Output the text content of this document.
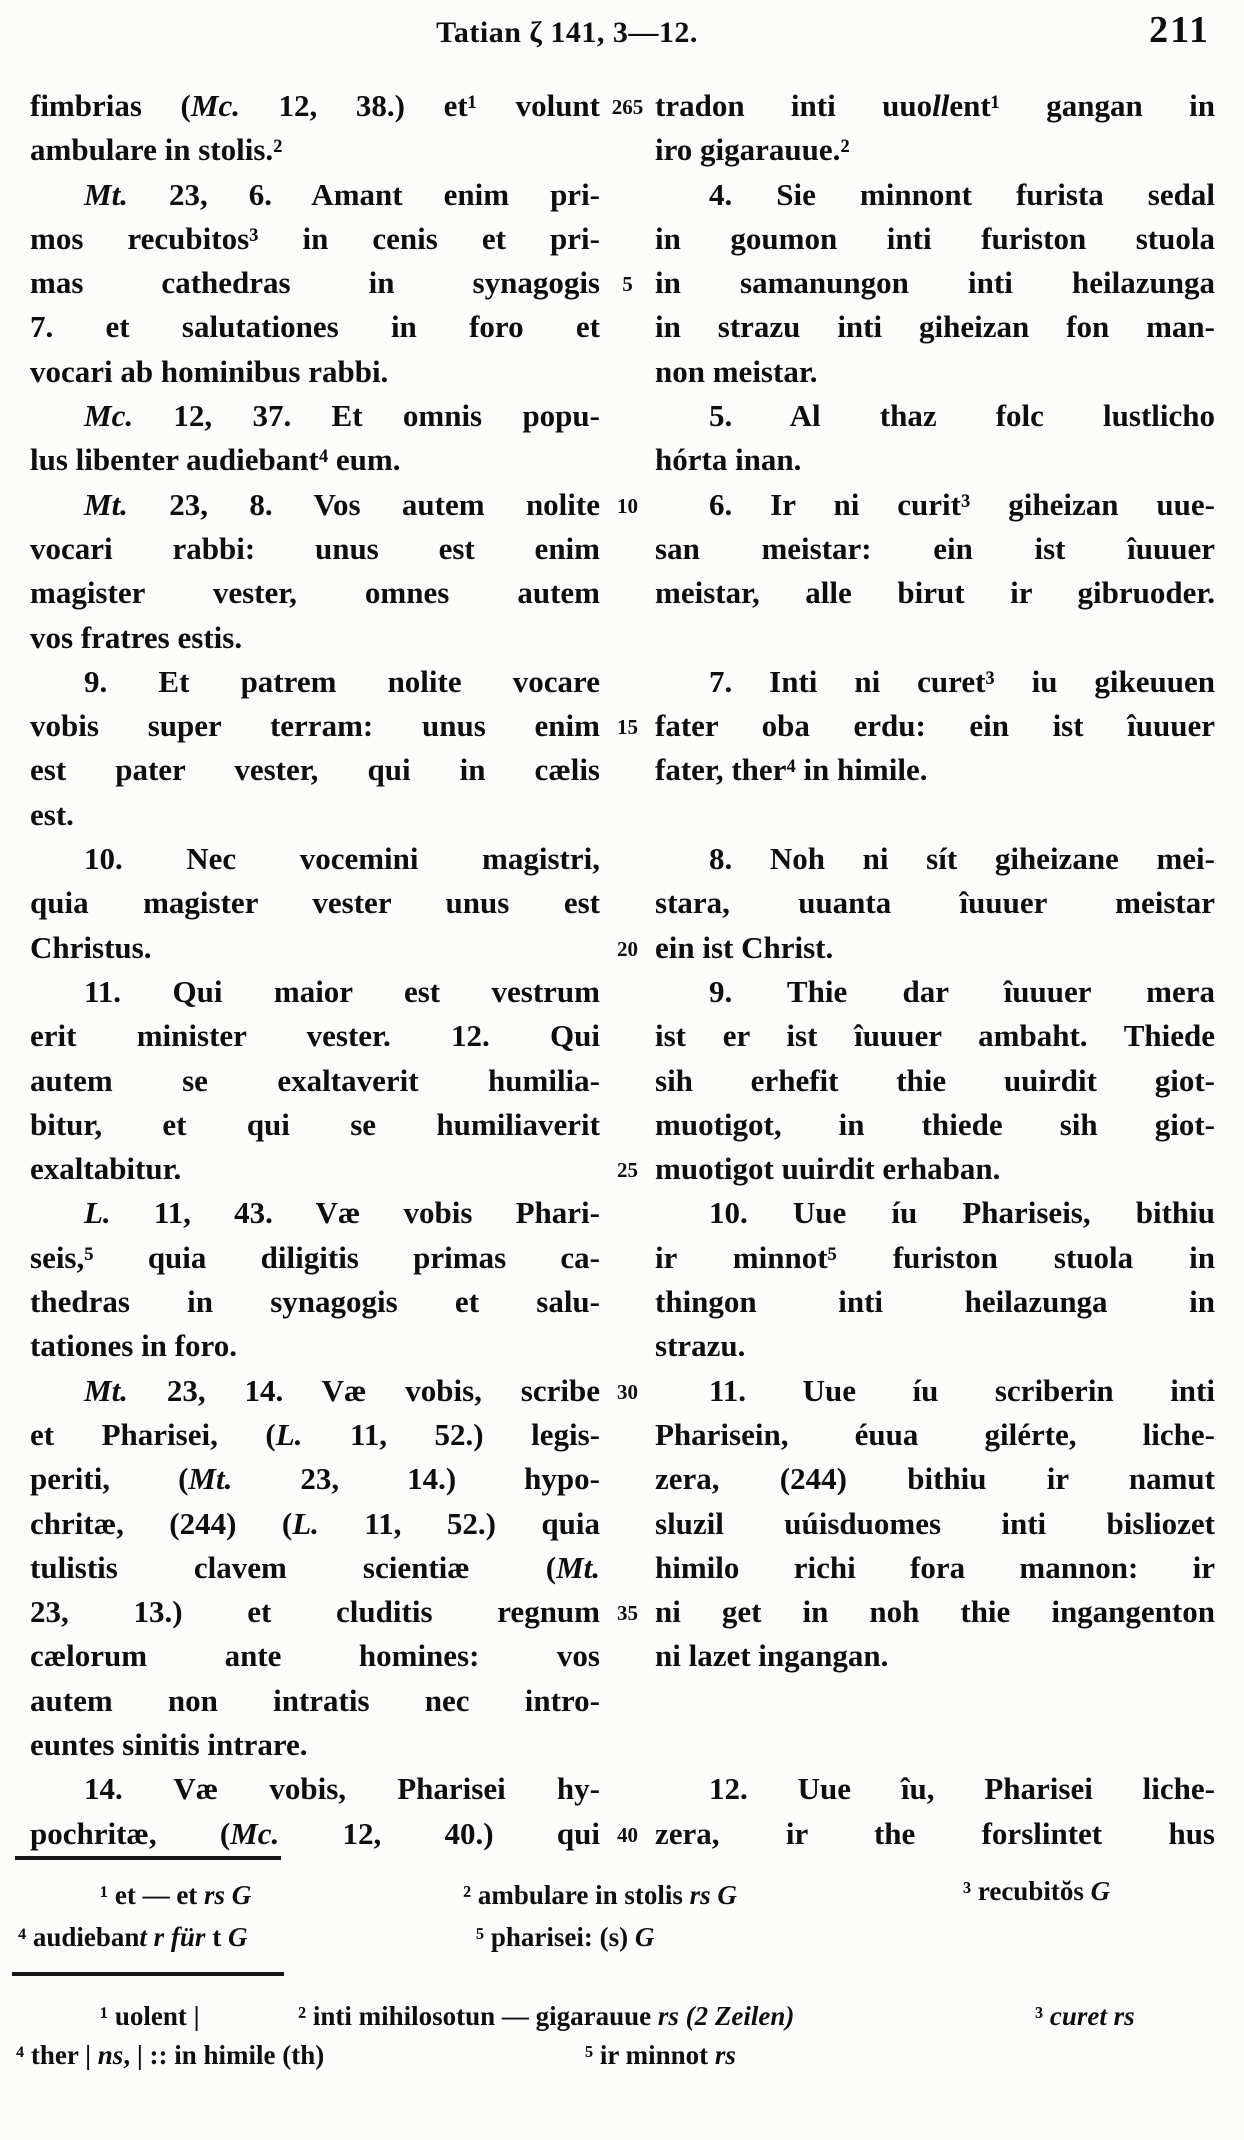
Tatian ζ 141, 3—12.	211
fimbrias (Mc. 12, 38.) et¹ volunt 265 tradon inti uuollent¹ gangan in
ambulare in stolis.²	iro gigarauue.²
Mt. 23, 6. Amant enim pri-	4. Sie minnont furista sedal
mos recubitos³ in cenis et pri- in goumon inti furiston stuola
mas cathedras in synagogis	5 in samanungon inti heilazunga
7. et salutationes in foro et in strazu inti giheizan fon man-
vocari ab hominibus rabbi.	non meistar.
Mc. 12, 37. Et omnis popu-	5. Al thaz folc lustlicho
lus libenter audiebant⁴ eum.	hórta inan.
Mt. 23, 8. Vos autem nolite 10	6. Ir ni curit³ giheizan uue-
vocari rabbi: unus est enim san meistar: ein ist îuuuer
magister vester, omnes autem meistar, alle birut ir gibruoder.
vos fratres estis.
9. Et patrem nolite vocare	7. Inti ni curet³ iu gikeuuen
vobis super terram: unus enim 15 fater oba erdu: ein ist îuuuer
est pater vester, qui in cælis fater, ther⁴ in himile.
est.
10. Nec vocemini magistri,	8. Noh ni sít giheizane mei-
quia magister vester unus est stara, uuanta îuuuer meistar
Christus.	20 ein ist Christ.
11. Qui maior est vestrum	9. Thie dar îuuuer mera
erit minister vester. 12. Qui ist er ist îuuuer ambaht. Thiede
autem se exaltaverit humilia- sih erhefit thie uuirdit giot-
bitur, et qui se humiliaverit muotigot, in thiede sih giot-
exaltabitur.	25 muotigot uuirdit erhaban.
L. 11, 43. Væ vobis Phari-	10. Uue íu Phariseis, bithiu
seis,⁵ quia diligitis primas ca- ir minnot⁵ furiston stuola in
thedras in synagogis et salu- thingon inti heilazunga in
tationes in foro.	strazu.
Mt. 23, 14. Væ vobis, scribe 30	11. Uue íu scriberin inti
et Pharisei, (L. 11, 52.) legis- Pharisein, éuua gilérte, liche-
periti, (Mt. 23, 14.) hypo- zera, (244) bithiu ir namut
chritæ, (244) (L. 11, 52.) quia sluzil uúisduomes inti bisliozet
tulistis clavem scientiæ (Mt. himilo richi fora mannon: ir
23, 13.) et cluditis regnum 35 ni get in noh thie ingangenton
cælorum ante homines: vos ni lazet ingangan.
autem non intratis nec intro-
euntes sinitis intrare.
14. Væ vobis, Pharisei hy-	12. Uue îu, Pharisei liche-
pochritæ, (Mc. 12, 40.) qui 40 zera, ir the forslintet hus
¹ et — et rs G	² ambulare in stolis rs G	³ recubitŏs G
⁴ audiebant r für t G	⁵ pharisei: (s) G
¹ uolent |	² inti mihilosotun — gigarauue rs (2 Zeilen)	³ curet rs
⁴ ther | ns, | :: in himile (th)	⁵ ir minnot rs
